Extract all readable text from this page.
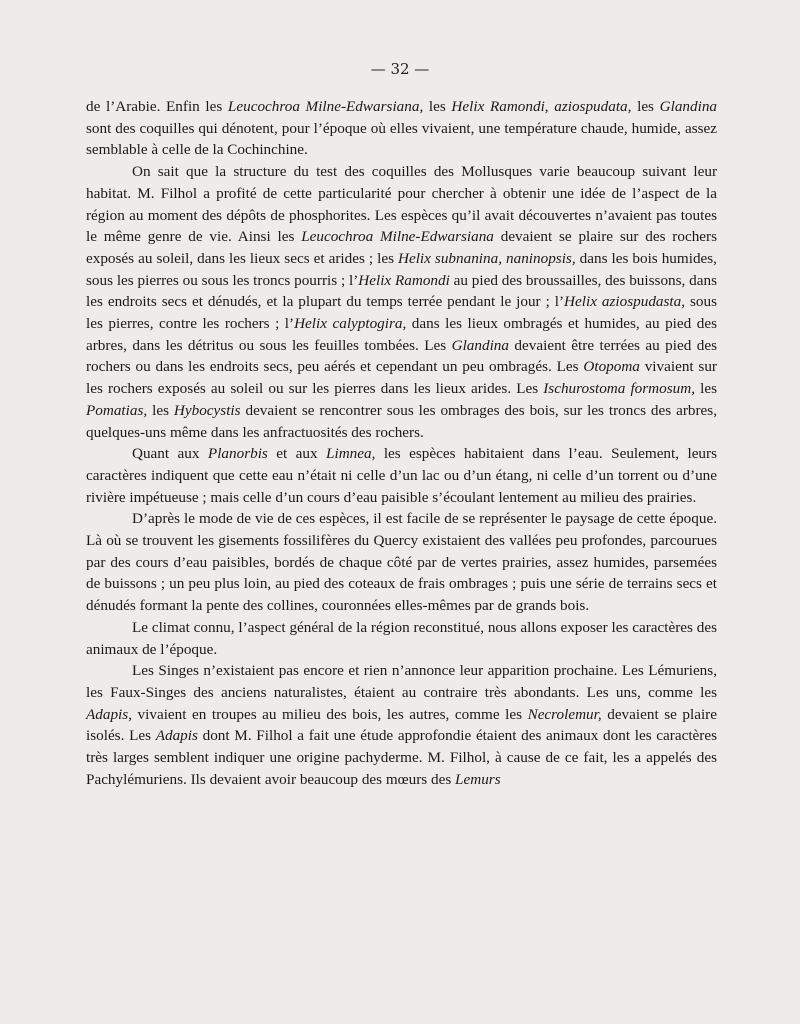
— 32 —

de l’Arabie. Enfin les Leucochroa Milne-Edwarsiana, les Helix Ramondi, aziospudata, les Glandina sont des coquilles qui dénotent, pour l’époque où elles vivaient, une température chaude, humide, assez semblable à celle de la Cochinchine.

On sait que la structure du test des coquilles des Mollusques varie beaucoup suivant leur habitat. M. Filhol a profité de cette particularité pour chercher à obtenir une idée de l’aspect de la région au moment des dépôts de phosphorites. Les espèces qu’il avait découvertes n’avaient pas toutes le même genre de vie. Ainsi les Leucochroa Milne-Edwarsiana devaient se plaire sur des rochers exposés au soleil, dans les lieux secs et arides ; les Helix subnanina, naninopsis, dans les bois humides, sous les pierres ou sous les troncs pourris ; l’Helix Ramondi au pied des broussailles, des buissons, dans les endroits secs et dénudés, et la plupart du temps terrée pendant le jour ; l’Helix aziospudasta, sous les pierres, contre les rochers ; l’Helix calyptogira, dans les lieux ombragés et humides, au pied des arbres, dans les détritus ou sous les feuilles tombées. Les Glandina devaient être terrées au pied des rochers ou dans les endroits secs, peu aérés et cependant un peu ombragés. Les Otopoma vivaient sur les rochers exposés au soleil ou sur les pierres dans les lieux arides. Les Ischurostoma formosum, les Pomatias, les Hybocystis devaient se rencontrer sous les ombrages des bois, sur les troncs des arbres, quelques-uns même dans les anfractuosités des rochers.

Quant aux Planorbis et aux Limnea, les espèces habitaient dans l’eau. Seulement, leurs caractères indiquent que cette eau n’était ni celle d’un lac ou d’un étang, ni celle d’un torrent ou d’une rivière impétueuse ; mais celle d’un cours d’eau paisible s’écoulant lentement au milieu des prairies.

D’après le mode de vie de ces espèces, il est facile de se représenter le paysage de cette époque. Là où se trouvent les gisements fossilifères du Quercy existaient des vallées peu profondes, parcourues par des cours d’eau paisibles, bordés de chaque côté par de vertes prairies, assez humides, parsemées de buissons ; un peu plus loin, au pied des coteaux de frais ombrages ; puis une série de terrains secs et dénudés formant la pente des collines, couronnées elles-mêmes par de grands bois.

Le climat connu, l’aspect général de la région reconstitué, nous allons exposer les caractères des animaux de l’époque.

Les Singes n’existaient pas encore et rien n’annonce leur apparition prochaine. Les Lémuriens, les Faux-Singes des anciens naturalistes, étaient au contraire très abondants. Les uns, comme les Adapis, vivaient en troupes au milieu des bois, les autres, comme les Necrolemur, devaient se plaire isolés. Les Adapis dont M. Filhol a fait une étude approfondie étaient des animaux dont les caractères très larges semblent indiquer une origine pachyderme. M. Filhol, à cause de ce fait, les a appelés des Pachylémuriens. Ils devaient avoir beaucoup des mœurs des Lemurs
